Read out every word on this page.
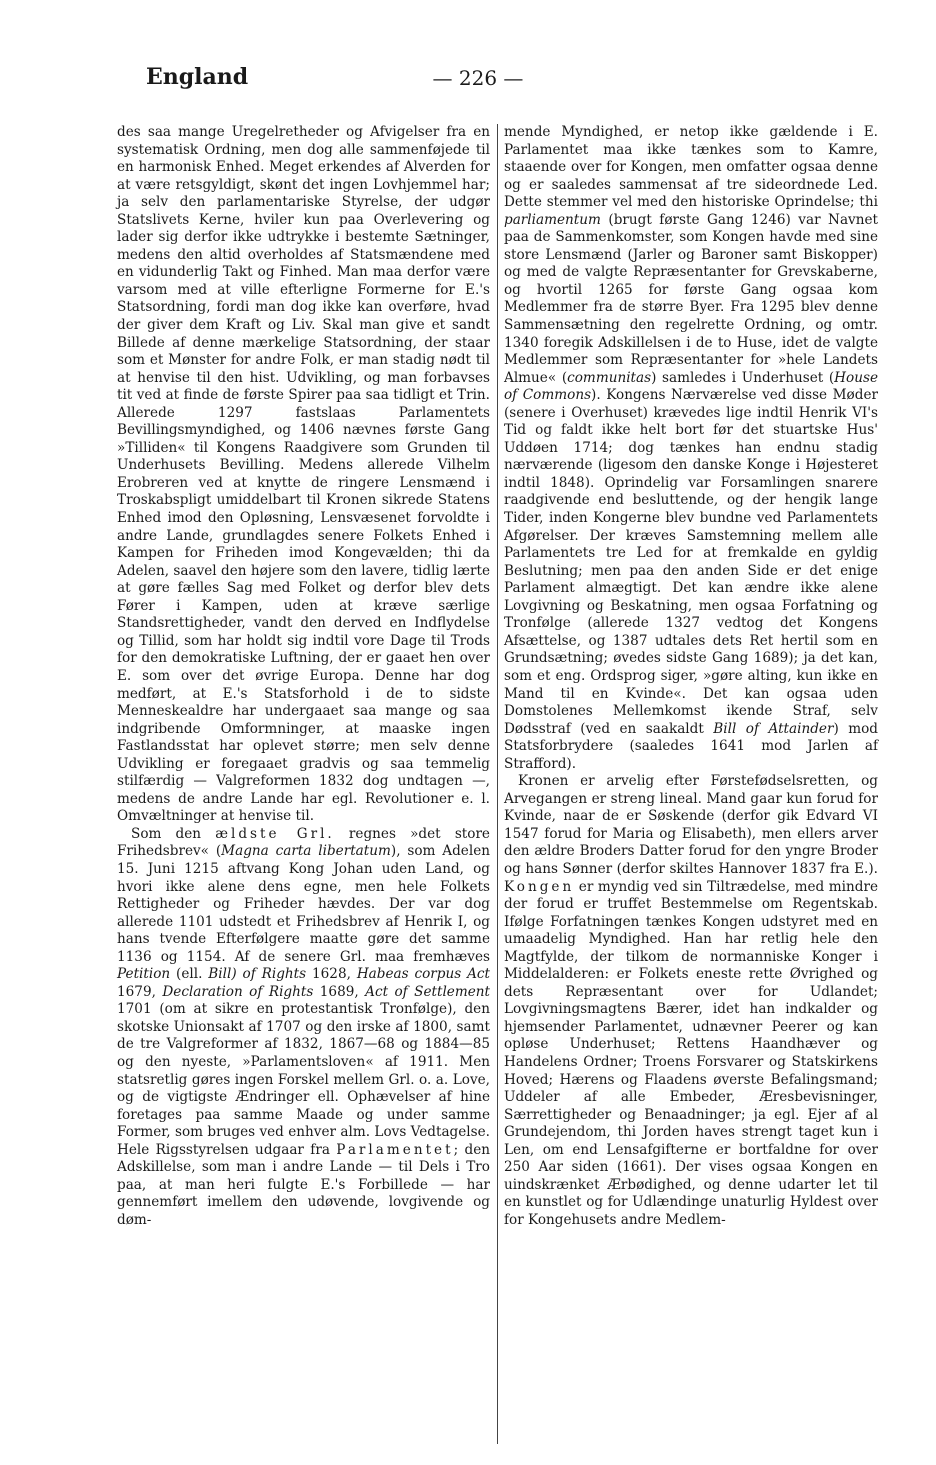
England	— 226 —

des saa mange Uregelretheder og Afvigelser fra en systematisk Ordning, men dog alle sammenføjede til en harmonisk Enhed. Meget erkendes af Alverden for at være retsgyldigt, skønt det ingen Lovhjemmel har; ja selv den parlamentariske Styrelse, der udgør Statslivets Kerne, hviler kun paa Overlevering og lader sig derfor ikke udtrykke i bestemte Sætninger, medens den altid overholdes af Statsmændene med en vidunderlig Takt og Finhed. Man maa derfor være varsom med at ville efterligne Formerne for E.'s Statsordning, fordi man dog ikke kan overføre, hvad der giver dem Kraft og Liv. Skal man give et sandt Billede af denne mærkelige Statsordning, der staar som et Mønster for andre Folk, er man stadig nødt til at henvise til den hist. Udvikling, og man forbavses tit ved at finde de første Spirer paa saa tidligt et Trin. Allerede 1297 fastslaas Parlamentets Bevillingsmyndighed, og 1406 nævnes første Gang »Tilliden« til Kongens Raadgivere som Grunden til Underhusets Bevilling. Medens allerede Vilhelm Erobreren ved at knytte de ringere Lensmænd i Troskabspligt umiddelbart til Kronen sikrede Statens Enhed imod den Opløsning, Lensvæsenet forvoldte i andre Lande, grundlagdes senere Folkets Enhed i Kampen for Friheden imod Kongevælden; thi da Adelen, saavel den højere som den lavere, tidlig lærte at gøre fælles Sag med Folket og derfor blev dets Fører i Kampen, uden at kræve særlige Standsrettigheder, vandt den derved en Indflydelse og Tillid, som har holdt sig indtil vore Dage til Trods for den demokratiske Luftning, der er gaaet hen over E. som over det øvrige Europa. Denne har dog medført, at E.'s Statsforhold i de to sidste Menneskealdre har undergaaet saa mange og saa indgribende Omformninger, at maaske ingen Fastlandsstat har oplevet større; men selv denne Udvikling er foregaaet gradvis og saa temmelig stilfærdig — Valgreformen 1832 dog undtagen —, medens de andre Lande har egl. Revolutioner e. l. Omvæltninger at henvise til.

Som den ældste Grl. regnes »det store Frihedsbrev« (Magna carta libertatum), som Adelen 15. Juni 1215 aftvang Kong Johan uden Land, og hvori ikke alene dens egne, men hele Folkets Rettigheder og Friheder hævdes. Der var dog allerede 1101 udstedt et Frihedsbrev af Henrik I, og hans tvende Efterfølgere maatte gøre det samme 1136 og 1154. Af de senere Grl. maa fremhæves Petition (ell. Bill) of Rights 1628, Habeas corpus Act 1679, Declaration of Rights 1689, Act of Settlement 1701 (om at sikre en protestantisk Tronfølge), den skotske Unionsakt af 1707 og den irske af 1800, samt de tre Valgreformer af 1832, 1867—68 og 1884—85 og den nyeste, »Parlamentsloven« af 1911. Men statsretlig gøres ingen Forskel mellem Grl. o. a. Love, og de vigtigste Ændringer ell. Ophævelser af hine foretages paa samme Maade og under samme Former, som bruges ved enhver alm. Lovs Vedtagelse. Hele Rigsstyrelsen udgaar fra Parlamentet; den Adskillelse, som man i andre Lande — til Dels i Tro paa, at man heri fulgte E.'s Forbillede — har gennemført imellem den udøvende, lovgivende og døm-

mende Myndighed, er netop ikke gældende i E. Parlamentet maa ikke tænkes som to Kamre, staaende over for Kongen, men omfatter ogsaa denne og er saaledes sammensat af tre sideordnede Led. Dette stemmer vel med den historiske Oprindelse; thi parliamentum (brugt første Gang 1246) var Navnet paa de Sammenkomster, som Kongen havde med sine store Lensmænd (Jarler og Baroner samt Biskopper) og med de valgte Repræsentanter for Grevskaberne, og hvortil 1265 for første Gang ogsaa kom Medlemmer fra de større Byer. Fra 1295 blev denne Sammensætning den regelrette Ordning, og omtr. 1340 foregik Adskillelsen i de to Huse, idet de valgte Medlemmer som Repræsentanter for »hele Landets Almue« (communitas) samledes i Underhuset (House of Commons). Kongens Nærværelse ved disse Møder (senere i Overhuset) krævedes lige indtil Henrik VI's Tid og faldt ikke helt bort før det stuartske Hus' Uddøen 1714; dog tænkes han endnu stadig nærværende (ligesom den danske Konge i Højesteret indtil 1848). Oprindelig var Forsamlingen snarere raadgivende end besluttende, og der hengik lange Tider, inden Kongerne blev bundne ved Parlamentets Afgørelser. Der kræves Samstemning mellem alle Parlamentets tre Led for at fremkalde en gyldig Beslutning; men paa den anden Side er det enige Parlament almægtigt. Det kan ændre ikke alene Lovgivning og Beskatning, men ogsaa Forfatning og Tronfølge (allerede 1327 vedtog det Kongens Afsættelse, og 1387 udtales dets Ret hertil som en Grundsætning; øvedes sidste Gang 1689); ja det kan, som et eng. Ordsprog siger, »gøre alting, kun ikke en Mand til en Kvinde«. Det kan ogsaa uden Domstolenes Mellemkomst ikende Straf, selv Dødsstraf (ved en saakaldt Bill of Attainder) mod Statsforbrydere (saaledes 1641 mod Jarlen af Strafford).

Kronen er arvelig efter Førstefødselsretten, og Arvegangen er streng lineal. Mand gaar kun forud for Kvinde, naar de er Søskende (derfor gik Edvard VI 1547 forud for Maria og Elisabeth), men ellers arver den ældre Broders Datter forud for den yngre Broder og hans Sønner (derfor skiltes Hannover 1837 fra E.). Kongen er myndig ved sin Tiltrædelse, med mindre der forud er truffet Bestemmelse om Regentskab. Ifølge Forfatningen tænkes Kongen udstyret med en umaadelig Myndighed. Han har retlig hele den Magtfylde, der tilkom de normanniske Konger i Middelalderen: er Folkets eneste rette Øvrighed og dets Repræsentant over for Udlandet; Lovgivningsmagtens Bærer, idet han indkalder og hjemsender Parlamentet, udnævner Peerer og kan opløse Underhuset; Rettens Haandhæver og Handelens Ordner; Troens Forsvarer og Statskirkens Hoved; Hærens og Flaadens øverste Befalingsmand; Uddeler af alle Embeder, Æresbevisninger, Særrettigheder og Benaadninger; ja egl. Ejer af al Grundejendom, thi Jorden haves strengt taget kun i Len, om end Lensafgifterne er bortfaldne for over 250 Aar siden (1661). Der vises ogsaa Kongen en uindskrænket Ærbødighed, og denne udarter let til en kunstlet og for Udlændinge unaturlig Hyldest over for Kongehusets andre Medlem-
